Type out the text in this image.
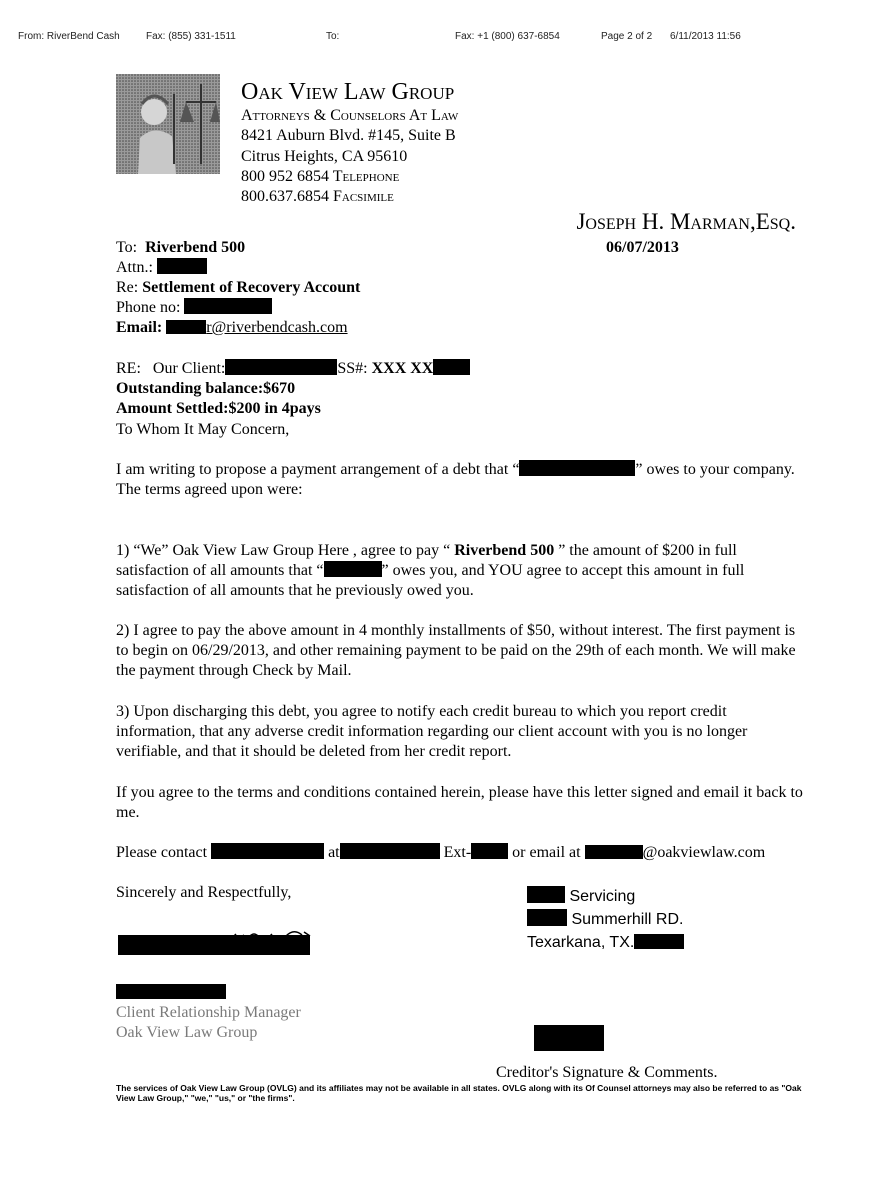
From: RiverBend Cash	Fax: (855) 331-1511	To:	Fax: +1 (800) 637-6854	Page 2 of 2 6/11/2013 11:56
Oak View Law Group
Attorneys & Counselors At Law
8421 Auburn Blvd. #145, Suite B
Citrus Heights, CA 95610
800 952 6854 Telephone
800.637.6854 Facsimile
Joseph H. Marman,Esq.
To: Riverbend 500	06/07/2013
Attn.:
Re: Settlement of Recovery Account
Phone no:
Email:	r@riverbendcash.com
RE: Our Client:	SS#: XXX XX
Outstanding balance:$670
Amount Settled:$200 in 4pays
To Whom It May Concern,

I am writing to propose a payment arrangement of a debt that “	” owes to your company.

The terms agreed upon were:

1) “We” Oak View Law Group Here , agree to pay “ Riverbend 500 ” the amount of $200 in full satisfaction of all amounts that “	” owes you, and YOU agree to accept this amount in full satisfaction of all amounts that he previously owed you.

2) I agree to pay the above amount in 4 monthly installments of $50, without interest. The first payment is to begin on 06/29/2013, and other remaining payment to be paid on the 29th of each month. We will make the payment through Check by Mail.
3) Upon discharging this debt, you agree to notify each credit bureau to which you report credit information, that any adverse credit information regarding our client account with you is no longer verifiable, and that it should be deleted from her credit report.
If you agree to the terms and conditions contained herein, please have this letter signed and email it back to me.
Please contact	at	Ext- or email at	@oakviewlaw.com
Sincerely and Respectfully,
Client Relationship Manager
Oak View Law Group
Servicing
Summerhill RD.
Texarkana, TX.
Creditor's Signature & Comments.
The services of Oak View Law Group (OVLG) and its affiliates may not be available in all states. OVLG along with its Of Counsel attorneys may also be referred to as "Oak View Law Group," "we," "us," or "the firms".
